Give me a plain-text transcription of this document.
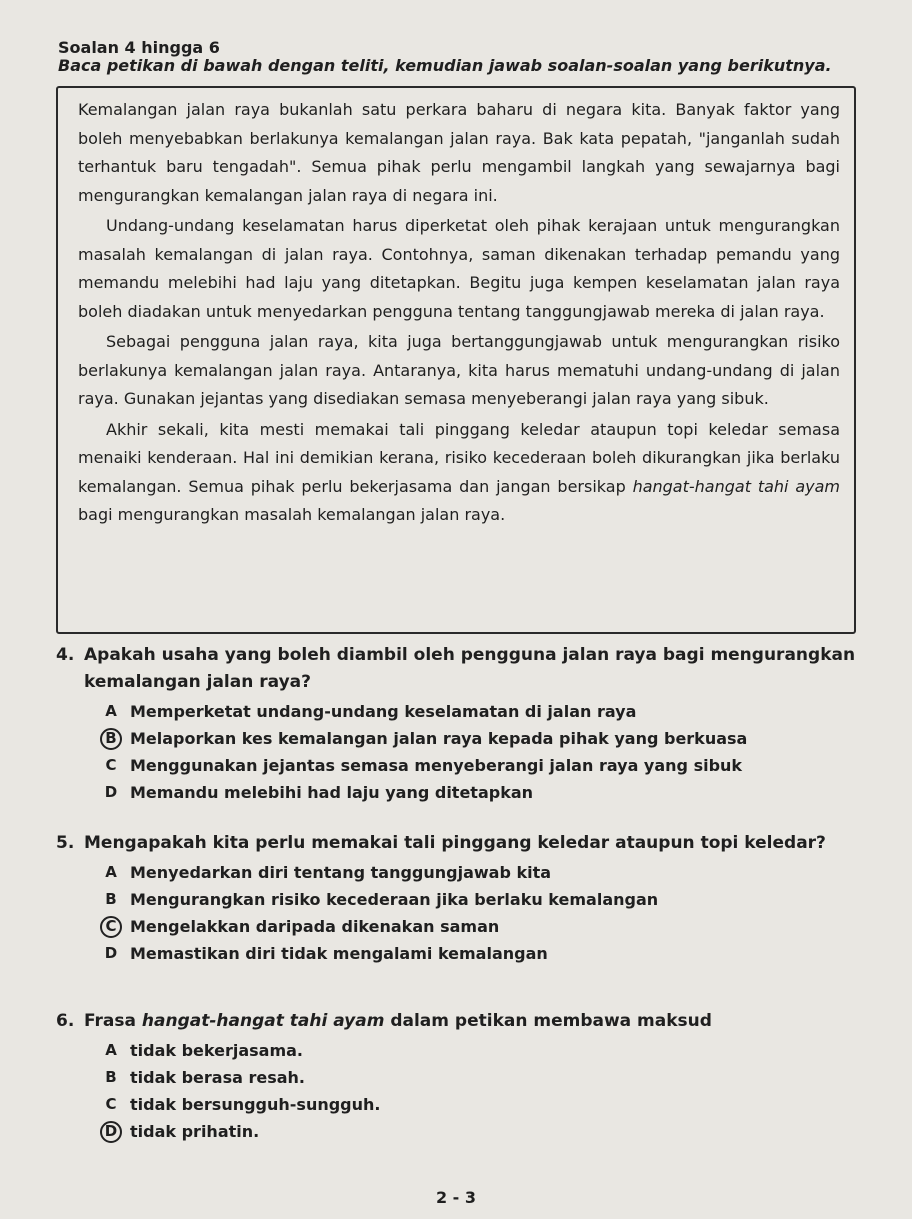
Soalan 4 hingga 6
Baca petikan di bawah dengan teliti, kemudian jawab soalan-soalan yang berikutnya.

Kemalangan jalan raya bukanlah satu perkara baharu di negara kita. Banyak faktor yang boleh menyebabkan berlakunya kemalangan jalan raya. Bak kata pepatah, "janganlah sudah terhantuk baru tengadah". Semua pihak perlu mengambil langkah yang sewajarnya bagi mengurangkan kemalangan jalan raya di negara ini.

Undang-undang keselamatan harus diperketat oleh pihak kerajaan untuk mengurangkan masalah kemalangan di jalan raya. Contohnya, saman dikenakan terhadap pemandu yang memandu melebihi had laju yang ditetapkan. Begitu juga kempen keselamatan jalan raya boleh diadakan untuk menyedarkan pengguna tentang tanggungjawab mereka di jalan raya.

Sebagai pengguna jalan raya, kita juga bertanggungjawab untuk mengurangkan risiko berlakunya kemalangan jalan raya. Antaranya, kita harus mematuhi undang-undang di jalan raya. Gunakan jejantas yang disediakan semasa menyeberangi jalan raya yang sibuk.

Akhir sekali, kita mesti memakai tali pinggang keledar ataupun topi keledar semasa menaiki kenderaan. Hal ini demikian kerana, risiko kecederaan boleh dikurangkan jika berlaku kemalangan. Semua pihak perlu bekerjasama dan jangan bersikap hangat-hangat tahi ayam bagi mengurangkan masalah kemalangan jalan raya.

4. Apakah usaha yang boleh diambil oleh pengguna jalan raya bagi mengurangkan kemalangan jalan raya?
A Memperketat undang-undang keselamatan di jalan raya
B Melaporkan kes kemalangan jalan raya kepada pihak yang berkuasa
C Menggunakan jejantas semasa menyeberangi jalan raya yang sibuk
D Memandu melebihi had laju yang ditetapkan
5. Mengapakah kita perlu memakai tali pinggang keledar ataupun topi keledar?
A Menyedarkan diri tentang tanggungjawab kita
B Mengurangkan risiko kecederaan jika berlaku kemalangan
C Mengelakkan daripada dikenakan saman
D Memastikan diri tidak mengalami kemalangan
6. Frasa hangat-hangat tahi ayam dalam petikan membawa maksud
A tidak bekerjasama.
B tidak berasa resah.
C tidak bersungguh-sungguh.
D tidak prihatin.
2 - 3
